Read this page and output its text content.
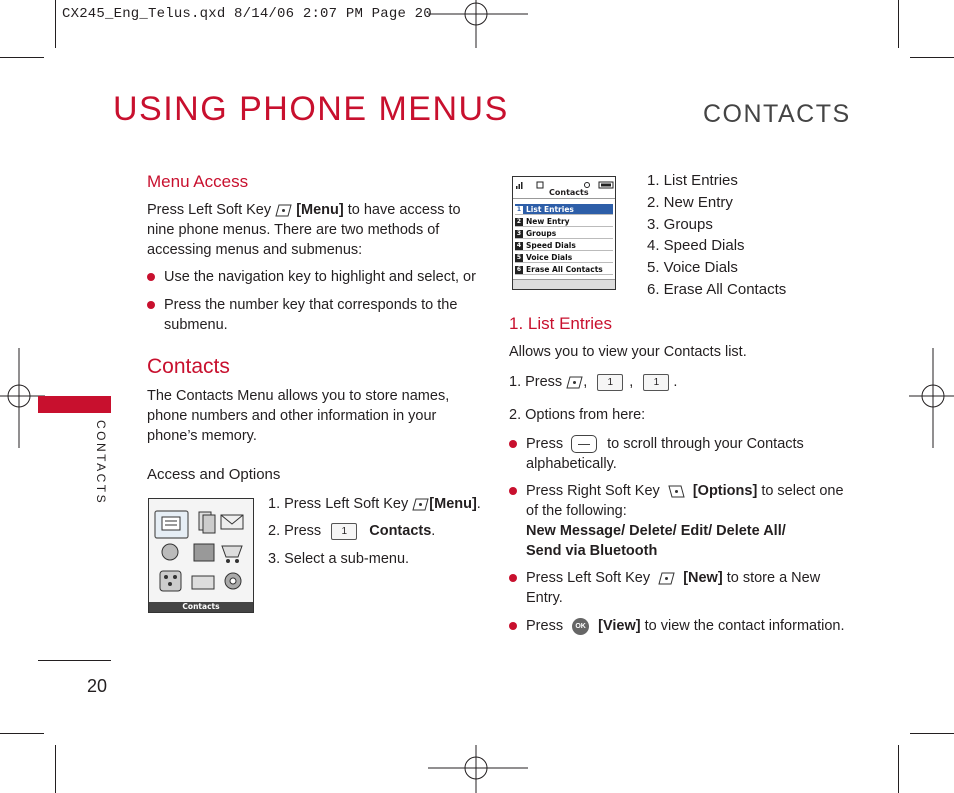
CX245_Eng_Telus.qxd 8/14/06 2:07 PM Page 20
USING PHONE MENUS	CONTACTS
CONTACTS
20
Menu Access
Press Left Soft Key [Menu] to have access to
nine phone menus. There are two methods of
accessing menus and submenus:
Use the navigation key to highlight and select, or
Press the number key that corresponds to the
submenu.
Contacts
The Contacts Menu allows you to store names,
phone numbers and other information in your
phone’s memory.
Access and Options
Contacts
1. Press Left Soft Key [Menu].
2. Press 1 Contacts.
3. Select a sub-menu.
Contacts
1 List Entries
2 New Entry
3 Groups
4 Speed Dials
5 Voice Dials
6 Erase All Contacts
1. List Entries
2. New Entry
3. Groups
4. Speed Dials
5. Voice Dials
6. Erase All Contacts
1. List Entries
Allows you to view your Contacts list.
1. Press , 1 , 1 .
2. Options from here:
Press	to scroll through your Contacts
alphabetically.
Press Right Soft Key [Options] to select one
of the following:
New Message/ Delete/ Edit/ Delete All/
Send via Bluetooth
Press Left Soft Key [New] to store a New
Entry.
Press OK [View] to view the contact information.
